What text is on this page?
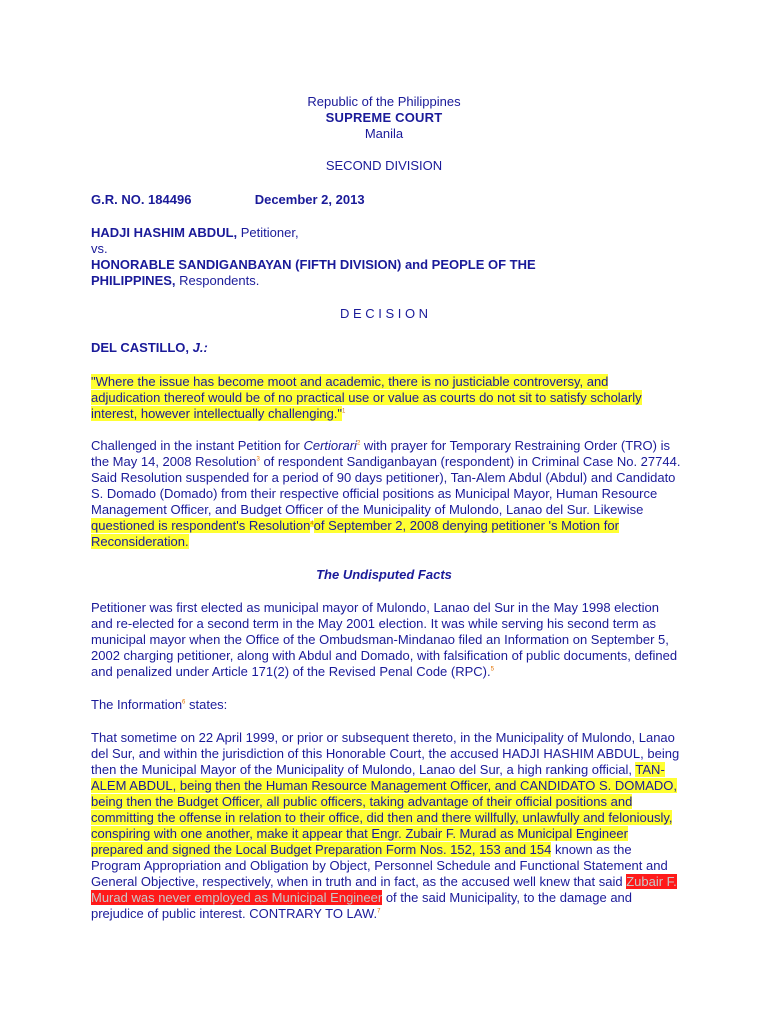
Republic of the Philippines
SUPREME COURT
Manila
SECOND DIVISION
G.R. NO. 184496	December 2, 2013
HADJI HASHIM ABDUL, Petitioner,
vs.
HONORABLE SANDIGANBAYAN (FIFTH DIVISION) and PEOPLE OF THE
PHILIPPINES, Respondents.
D E C I S I O N
DEL CASTILLO, J.:

"Where the issue has become moot and academic, there is no justiciable controversy, and adjudication thereof would be of no practical use or value as courts do not sit to satisfy scholarly interest, however intellectually challenging."$^1$

Challenged in the instant Petition for Certiorari$^2$ with prayer for Temporary Restraining Order (TRO) is the May 14, 2008 Resolution$^3$ of respondent Sandiganbayan (respondent) in Criminal Case No. 27744. Said Resolution suspended for a period of 90 days petitioner), Tan-Alem Abdul (Abdul) and Candidato S. Domado (Domado) from their respective official positions as Municipal Mayor, Human Resource Management Officer, and Budget Officer of the Municipality of Mulondo, Lanao del Sur. Likewise questioned is respondent's Resolution$^4$of September 2, 2008 denying petitioner 's Motion for Reconsideration.

The Undisputed Facts

Petitioner was first elected as municipal mayor of Mulondo, Lanao del Sur in the May 1998 election and re-elected for a second term in the May 2001 election. It was while serving his second term as municipal mayor when the Office of the Ombudsman-Mindanao filed an Information on September 5, 2002 charging petitioner, along with Abdul and Domado, with falsification of public documents, defined and penalized under Article 171(2) of the Revised Penal Code (RPC).$^5$

The Information$^6$ states:

That sometime on 22 April 1999, or prior or subsequent thereto, in the Municipality of Mulondo, Lanao del Sur, and within the jurisdiction of this Honorable Court, the accused HADJI HASHIM ABDUL, being then the Municipal Mayor of the Municipality of Mulondo, Lanao del Sur, a high ranking official, TAN-ALEM ABDUL, being then the Human Resource Management Officer, and CANDIDATO S. DOMADO, being then the Budget Officer, all public officers, taking advantage of their official positions and committing the offense in relation to their office, did then and there willfully, unlawfully and feloniously, conspiring with one another, make it appear that Engr. Zubair F. Murad as Municipal Engineer prepared and signed the Local Budget Preparation Form Nos. 152, 153 and 154 known as the Program Appropriation and Obligation by Object, Personnel Schedule and Functional Statement and General Objective, respectively, when in truth and in fact, as the accused well knew that said Zubair F. Murad was never employed as Municipal Engineer of the said Municipality, to the damage and prejudice of public interest. CONTRARY TO LAW.$^7$
